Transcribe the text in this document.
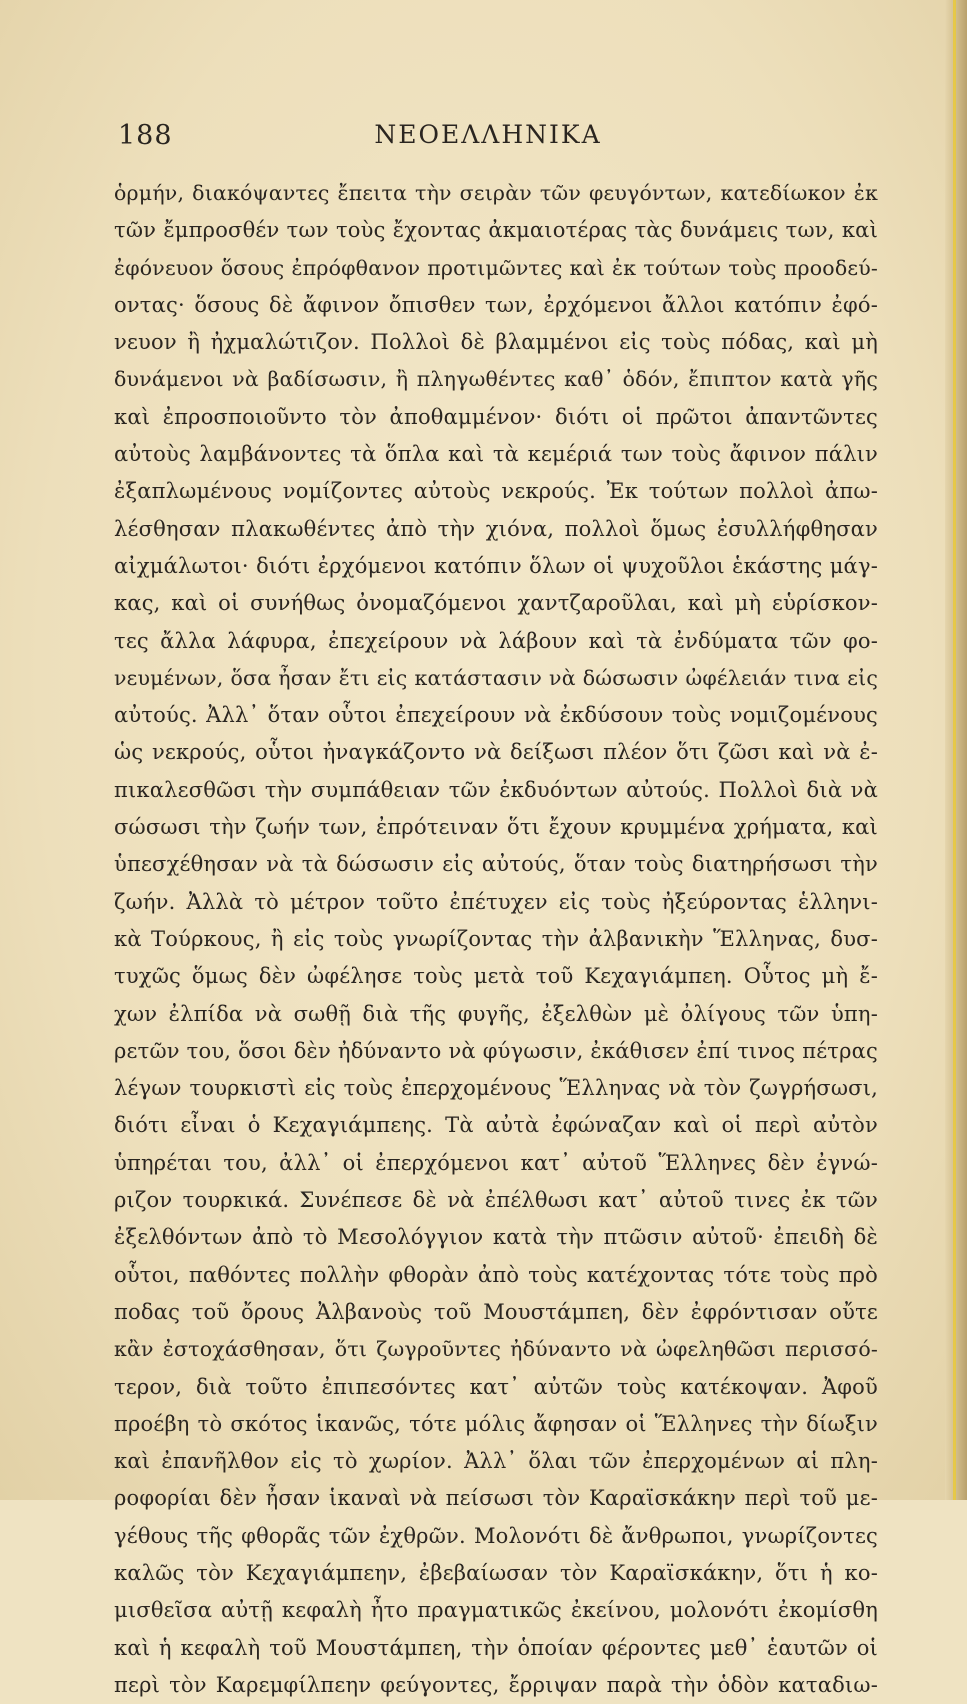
188	ΝΕΟΕΛΛΗΝΙΚΑ
ὁρμήν, διακόψαντες ἔπειτα τὴν σειρὰν τῶν φευγόντων, κατεδίωκον ἐκ
τῶν ἔμπροσθέν των τοὺς ἔχοντας ἀκμαιοτέρας τὰς δυνάμεις των, καὶ
ἐφόνευον ὅσους ἐπρόφθανον προτιμῶντες καὶ ἐκ τούτων τοὺς προοδεύ-
οντας· ὅσους δὲ ἄφινον ὄπισθεν των, ἐρχόμενοι ἄλλοι κατόπιν ἐφό-
νευον ἢ ἠχμαλώτιζον. Πολλοὶ δὲ βλαμμένοι εἰς τοὺς πόδας, καὶ μὴ
δυνάμενοι νὰ βαδίσωσιν, ἢ πληγωθέντες καθ᾽ ὁδόν, ἔπιπτον κατὰ γῆς
καὶ ἐπροσποιοῦντο τὸν ἀποθαμμένον· διότι οἱ πρῶτοι ἀπαντῶντες
αὐτοὺς λαμβάνοντες τὰ ὅπλα καὶ τὰ κεμέριά των τοὺς ἄφινον πάλιν
ἐξαπλωμένους νομίζοντες αὐτοὺς νεκρούς. Ἐκ τούτων πολλοὶ ἀπω-
λέσθησαν πλακωθέντες ἀπὸ τὴν χιόνα, πολλοὶ ὅμως ἐσυλλήφθησαν
αἰχμάλωτοι· διότι ἐρχόμενοι κατόπιν ὅλων οἱ ψυχοῦλοι ἑκάστης μάγ-
κας, καὶ οἱ συνήθως ὀνομαζόμενοι χαντζαροῦλαι, καὶ μὴ εὑρίσκον-
τες ἄλλα λάφυρα, ἐπεχείρουν νὰ λάβουν καὶ τὰ ἐνδύματα τῶν φο-
νευμένων, ὅσα ἦσαν ἔτι εἰς κατάστασιν νὰ δώσωσιν ὠφέλειάν τινα εἰς
αὐτούς. Ἀλλ᾽ ὅταν οὗτοι ἐπεχείρουν νὰ ἐκδύσουν τοὺς νομιζομένους
ὡς νεκρούς, οὗτοι ἠναγκάζοντο νὰ δείξωσι πλέον ὅτι ζῶσι καὶ νὰ ἐ-
πικαλεσθῶσι τὴν συμπάθειαν τῶν ἐκδυόντων αὐτούς. Πολλοὶ διὰ νὰ
σώσωσι τὴν ζωήν των, ἐπρότειναν ὅτι ἔχουν κρυμμένα χρήματα, καὶ
ὑπεσχέθησαν νὰ τὰ δώσωσιν εἰς αὐτούς, ὅταν τοὺς διατηρήσωσι τὴν
ζωήν. Ἀλλὰ τὸ μέτρον τοῦτο ἐπέτυχεν εἰς τοὺς ἠξεύροντας ἑλληνι-
κὰ Τούρκους, ἢ εἰς τοὺς γνωρίζοντας τὴν ἀλβανικὴν Ἕλληνας, δυσ-
τυχῶς ὅμως δὲν ὠφέλησε τοὺς μετὰ τοῦ Κεχαγιάμπεη. Οὗτος μὴ ἔ-
χων ἐλπίδα νὰ σωθῇ διὰ τῆς φυγῆς, ἐξελθὼν μὲ ὀλίγους τῶν ὑπη-
ρετῶν του, ὅσοι δὲν ἠδύναντο νὰ φύγωσιν, ἐκάθισεν ἐπί τινος πέτρας
λέγων τουρκιστὶ εἰς τοὺς ἐπερχομένους Ἕλληνας νὰ τὸν ζωγρήσωσι,
διότι εἶναι ὁ Κεχαγιάμπεης. Τὰ αὐτὰ ἐφώναζαν καὶ οἱ περὶ αὐτὸν
ὑπηρέται του, ἀλλ᾽ οἱ ἐπερχόμενοι κατ᾽ αὐτοῦ Ἕλληνες δὲν ἐγνώ-
ριζον τουρκικά. Συνέπεσε δὲ νὰ ἐπέλθωσι κατ᾽ αὐτοῦ τινες ἐκ τῶν
ἐξελθόντων ἀπὸ τὸ Μεσολόγγιον κατὰ τὴν πτῶσιν αὐτοῦ· ἐπειδὴ δὲ
οὗτοι, παθόντες πολλὴν φθορὰν ἀπὸ τοὺς κατέχοντας τότε τοὺς πρὸ
ποδας τοῦ ὄρους Ἀλβανοὺς τοῦ Μουστάμπεη, δὲν ἐφρόντισαν οὔτε
κἂν ἐστοχάσθησαν, ὅτι ζωγροῦντες ἠδύναντο νὰ ὠφεληθῶσι περισσό-
τερον, διὰ τοῦτο ἐπιπεσόντες κατ᾽ αὐτῶν τοὺς κατέκοψαν. Ἀφοῦ
προέβη τὸ σκότος ἱκανῶς, τότε μόλις ἄφησαν οἱ Ἕλληνες τὴν δίωξιν
καὶ ἐπανῆλθον εἰς τὸ χωρίον. Ἀλλ᾽ ὅλαι τῶν ἐπερχομένων αἱ πλη-
ροφορίαι δὲν ἦσαν ἱκαναὶ νὰ πείσωσι τὸν Καραϊσκάκην περὶ τοῦ με-
γέθους τῆς φθορᾶς τῶν ἐχθρῶν. Μολονότι δὲ ἄνθρωποι, γνωρίζοντες
καλῶς τὸν Κεχαγιάμπεην, ἐβεβαίωσαν τὸν Καραϊσκάκην, ὅτι ἡ κο-
μισθεῖσα αὐτῇ κεφαλὴ ἦτο πραγματικῶς ἐκείνου, μολονότι ἐκομίσθη
καὶ ἡ κεφαλὴ τοῦ Μουστάμπεη, τὴν ὁποίαν φέροντες μεθ᾽ ἑαυτῶν οἱ
περὶ τὸν Καρεμφίλπεην φεύγοντες, ἔρριψαν παρὰ τὴν ὁδὸν καταδιω-
